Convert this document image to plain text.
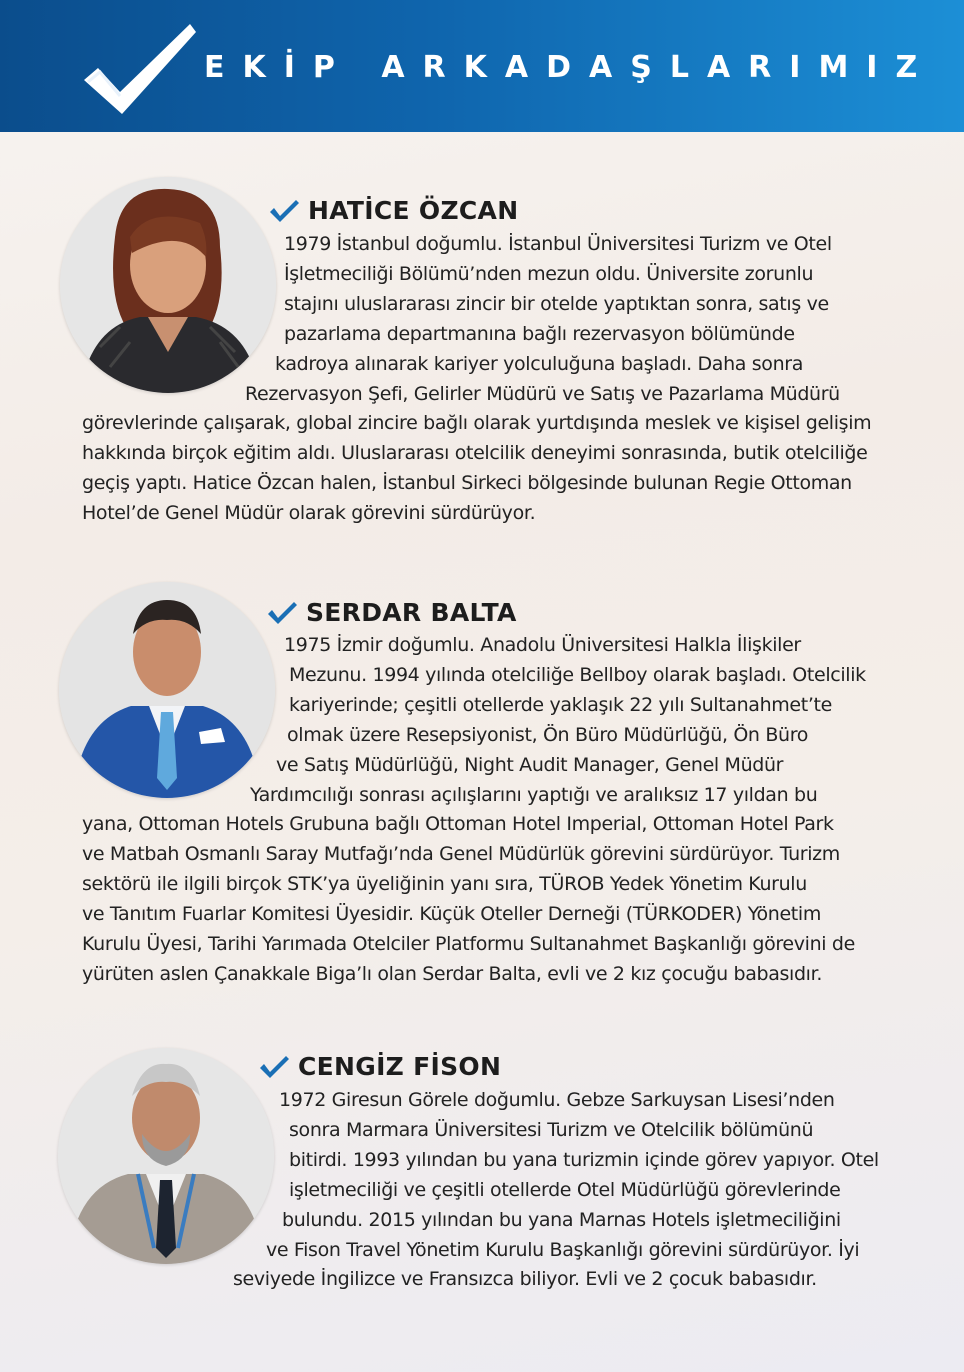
EKİP ARKADAŞLARIMIZ
HATİCE ÖZCAN
1979 İstanbul doğumlu. İstanbul Üniversitesi Turizm ve Otel
İşletmeciliği Bölümü’nden mezun oldu. Üniversite zorunlu
stajını uluslararası zincir bir otelde yaptıktan sonra, satış ve
pazarlama departmanına bağlı rezervasyon bölümünde
kadroya alınarak kariyer yolculuğuna başladı. Daha sonra
Rezervasyon Şefi, Gelirler Müdürü ve Satış ve Pazarlama Müdürü
görevlerinde çalışarak, global zincire bağlı olarak yurtdışında meslek ve kişisel gelişim
hakkında birçok eğitim aldı. Uluslararası otelcilik deneyimi sonrasında, butik otelciliğe
geçiş yaptı. Hatice Özcan halen, İstanbul Sirkeci bölgesinde bulunan Regie Ottoman
Hotel’de Genel Müdür olarak görevini sürdürüyor.
SERDAR BALTA
1975 İzmir doğumlu. Anadolu Üniversitesi Halkla İlişkiler
Mezunu. 1994 yılında otelciliğe Bellboy olarak başladı. Otelcilik
kariyerinde; çeşitli otellerde yaklaşık 22 yılı Sultanahmet’te
olmak üzere Resepsiyonist, Ön Büro Müdürlüğü, Ön Büro
ve Satış Müdürlüğü, Night Audit Manager, Genel Müdür
Yardımcılığı sonrası açılışlarını yaptığı ve aralıksız 17 yıldan bu
yana, Ottoman Hotels Grubuna bağlı Ottoman Hotel Imperial, Ottoman Hotel Park
ve Matbah Osmanlı Saray Mutfağı’nda Genel Müdürlük görevini sürdürüyor. Turizm
sektörü ile ilgili birçok STK’ya üyeliğinin yanı sıra, TÜROB Yedek Yönetim Kurulu
ve Tanıtım Fuarlar Komitesi Üyesidir. Küçük Oteller Derneği (TÜRKODER) Yönetim
Kurulu Üyesi, Tarihi Yarımada Otelciler Platformu Sultanahmet Başkanlığı görevini de
yürüten aslen Çanakkale Biga’lı olan Serdar Balta, evli ve 2 kız çocuğu babasıdır.
CENGİZ FİSON
1972 Giresun Görele doğumlu. Gebze Sarkuysan Lisesi’nden
sonra Marmara Üniversitesi Turizm ve Otelcilik bölümünü
bitirdi. 1993 yılından bu yana turizmin içinde görev yapıyor. Otel
işletmeciliği ve çeşitli otellerde Otel Müdürlüğü görevlerinde
bulundu. 2015 yılından bu yana Marnas Hotels işletmeciliğini
ve Fison Travel Yönetim Kurulu Başkanlığı görevini sürdürüyor. İyi
seviyede İngilizce ve Fransızca biliyor. Evli ve 2 çocuk babasıdır.
